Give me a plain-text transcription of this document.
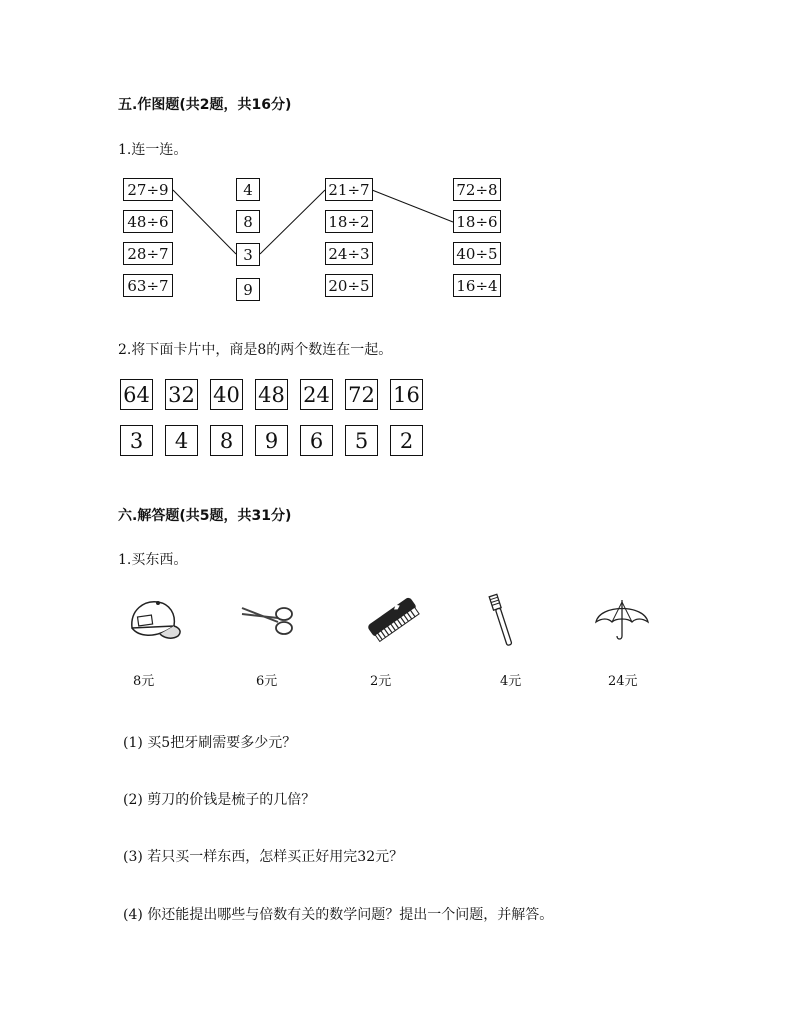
五.作图题(共2题，共16分)
1.连一连。
27÷9
48÷6
28÷7
63÷7
4
8
3
9
21÷7
18÷2
24÷3
20÷5
72÷8
18÷6
40÷5
16÷4
2.将下面卡片中，商是8的两个数连在一起。
64 32 40 48 24 72 16
3	4	8	9	6	5	2
六.解答题(共5题，共31分)
1.买东西。
8元	6元	2元	4元	24元
(1) 买5把牙刷需要多少元？
(2) 剪刀的价钱是梳子的几倍？
(3) 若只买一样东西，怎样买正好用完32元？
(4) 你还能提出哪些与倍数有关的数学问题？提出一个问题，并解答。
